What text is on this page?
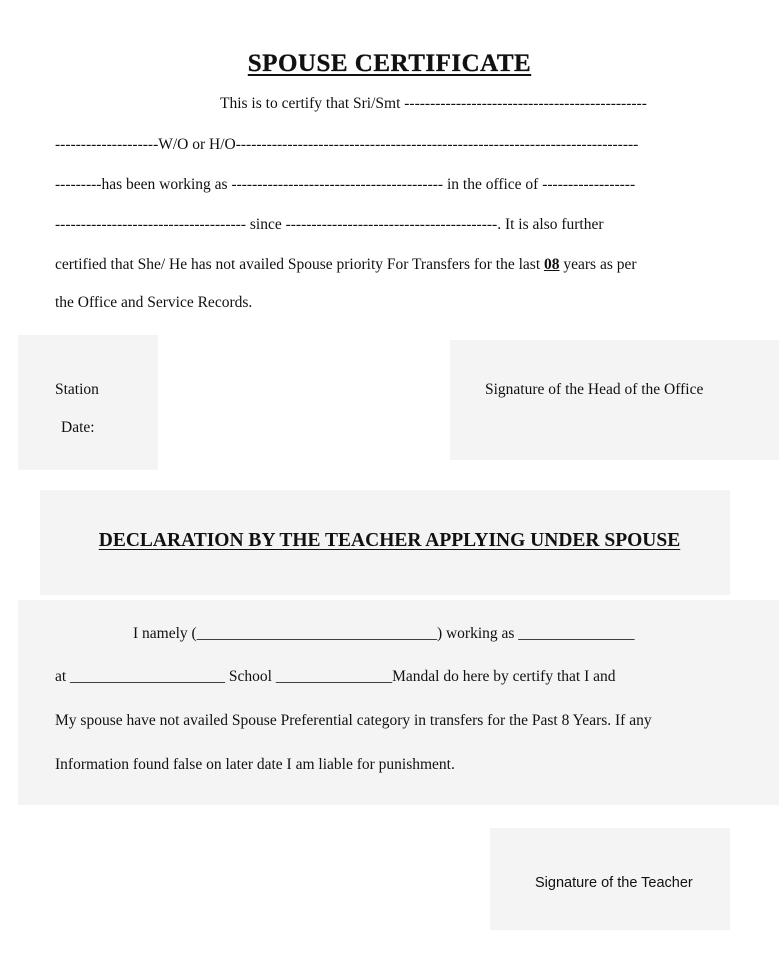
SPOUSE CERTIFICATE
This is to certify that Sri/Smt -----------------------------------------------
--------------------W/O or H/O------------------------------------------------------------------------------
---------has been working as ----------------------------------------- in the office of ------------------
------------------------------------- since -----------------------------------------. It is also further
certified that She/ He has not availed Spouse priority For Transfers for the last 08 years as per
the Office and Service Records.
Station
Date:
Signature of the Head of the Office
DECLARATION BY THE TEACHER APPLYING UNDER SPOUSE
I namely (_______________________________) working as _______________
at ____________________ School _______________Mandal do here by certify that I and
My spouse have not availed Spouse Preferential category in transfers for the Past 8 Years. If any
Information found false on later date I am liable for punishment.
Signature of the Teacher
